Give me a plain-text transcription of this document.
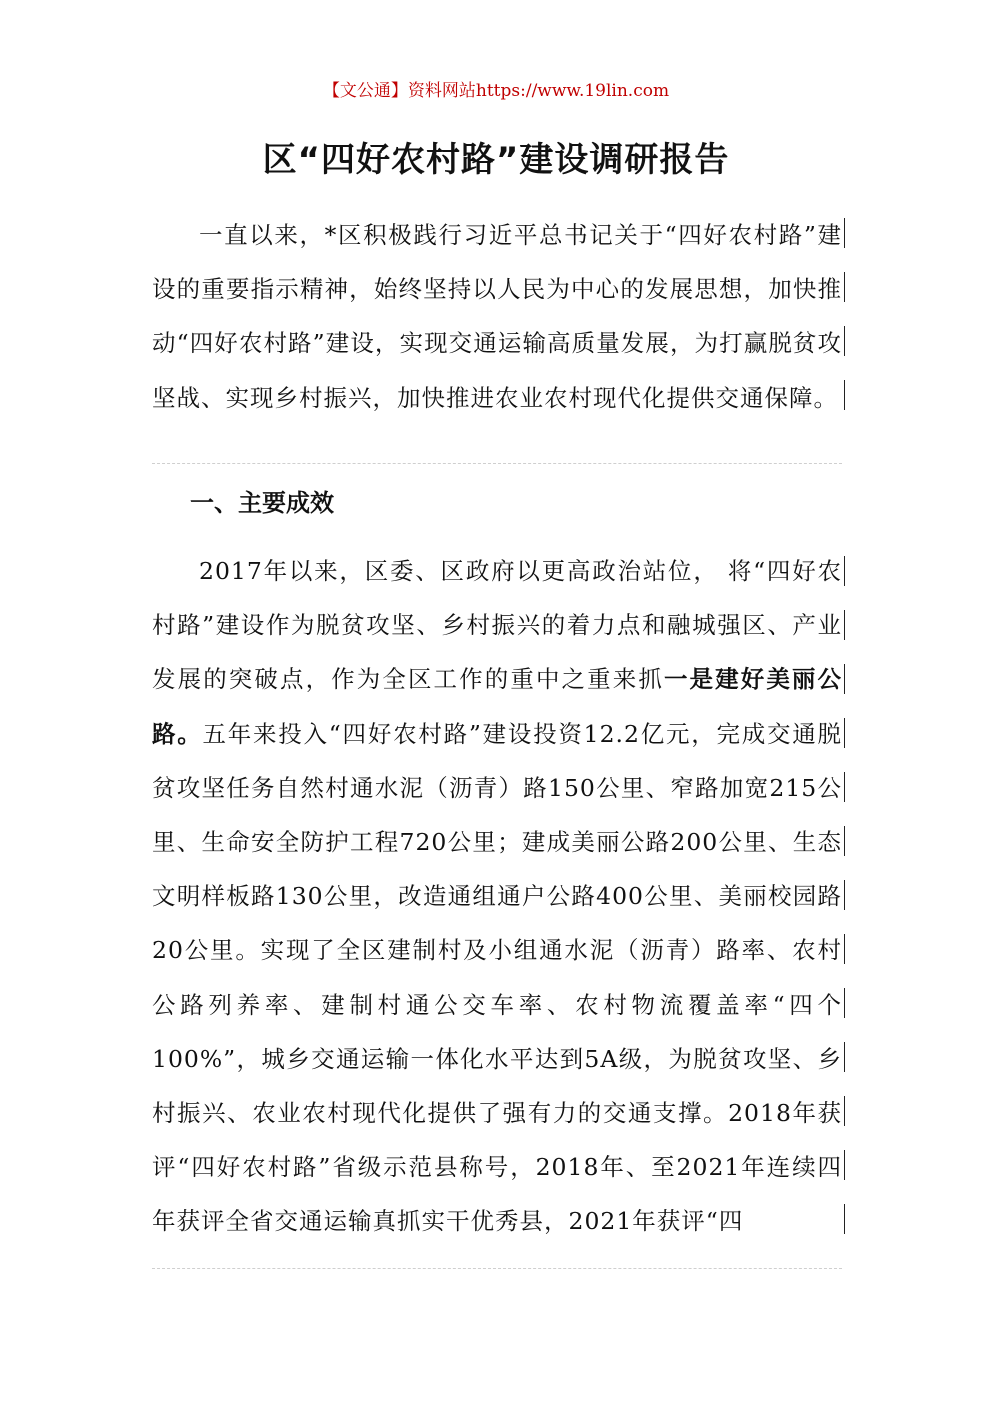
【文公通】资料网站https://www.19lin.com
区“四好农村路”建设调研报告

一直以来，*区积极践行习近平总书记关于“四好农村路”建设的重要指示精神，始终坚持以人民为中心的发展思想，加快推动“四好农村路”建设，实现交通运输高质量发展，为打赢脱贫攻坚战、实现乡村振兴，加快推进农业农村现代化提供交通保障。

一、主要成效

2017年以来，区委、区政府以更高政治站位， 将“四好农村路”建设作为脱贫攻坚、乡村振兴的着力点和融城强区、产业发展的突破点，作为全区工作的重中之重来抓一是建好美丽公路。五年来投入“四好农村路”建设投资12.2亿元，完成交通脱贫攻坚任务自然村通水泥（沥青）路150公里、窄路加宽215公里、生命安全防护工程720公里；建成美丽公路200公里、生态文明样板路130公里，改造通组通户公路400公里、美丽校园路20公里。实现了全区建制村及小组通水泥（沥青）路率、农村公路列养率、建制村通公交车率、农村物流覆盖率“四个100%”，城乡交通运输一体化水平达到5A级，为脱贫攻坚、乡村振兴、农业农村现代化提供了强有力的交通支撑。2018年获评“四好农村路”省级示范县称号，2018年、至2021年连续四年获评全省交通运输真抓实干优秀县，2021年获评“四
